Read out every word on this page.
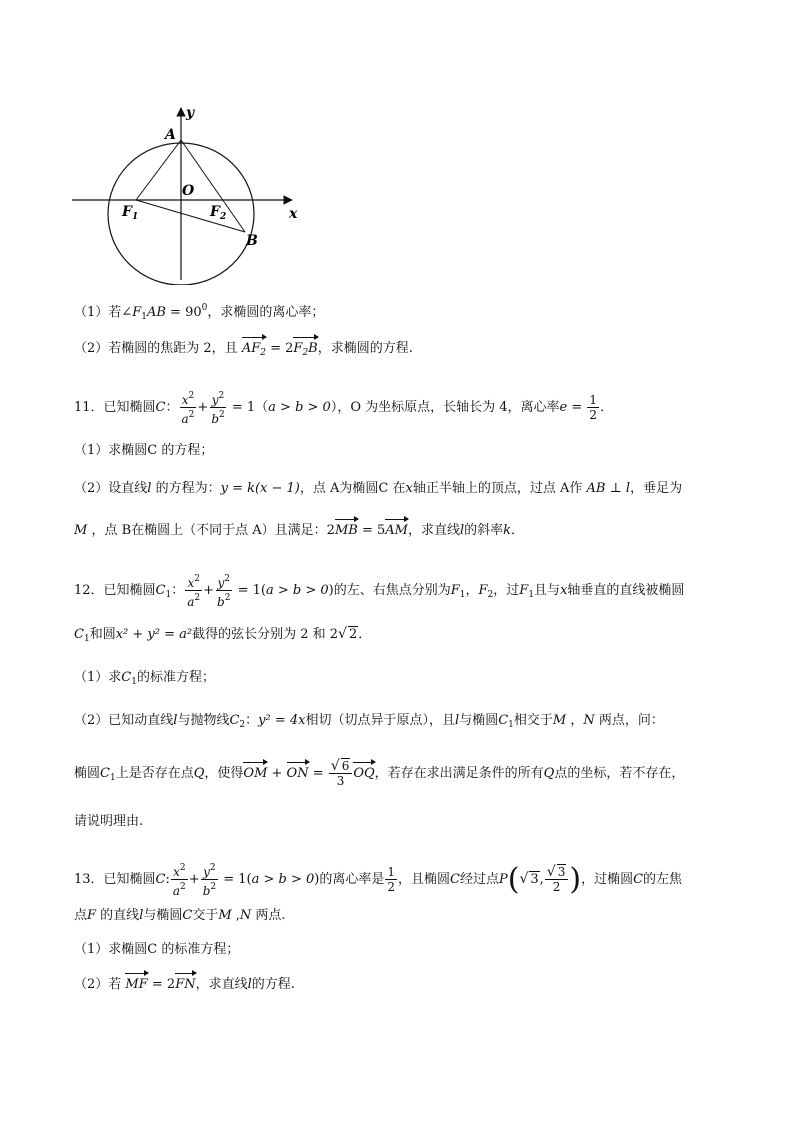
y
A
O
$F_1$	$F_2$	x
B
（1）若$\angle F_1AB = 90^0$，求椭圆的离心率；
（2）若椭圆的焦距为 2，且 $AF_2 = 2F_2B$，求椭圆的方程.
11．已知椭圆C： $\frac{x^2}{a^2} + \frac{y^2}{b^2} = 1(a > b > 0)$，O 为坐标原点，长轴长为 4，离心率$e = \frac{1}{2}$ ．
（1）求椭圆C 的方程；
（2）设直线l 的方程为：y = k(x − 1)，点 A为椭圆C 在x轴正半轴上的顶点，过点 A作 AB ⊥ l，垂足为
M ，点 B在椭圆上（不同于点 A）且满足：2MB = 5AM，求直线l的斜率k．
12．已知椭圆$C_1$： $\frac{x^2}{a^2} + \frac{y^2}{b^2} = 1(a > b > 0)$的左、右焦点分别为$F_1$，$F_2$，过$F_1$且与x轴垂直的直线被椭圆
$C_1$和圆x² + y² = a²截得的弦长分别为 2 和 2√ 2．
（1）求$C_1$的标准方程；
（2）已知动直线l与抛物线$C_2$：y² = 4x相切（切点异于原点），且l与椭圆$C_1$相交于M ，N 两点，问：
椭圆$C_1$上是否存在点Q，使得OM + ON = $\frac{√ 6}{3}$ OQ，若存在求出满足条件的所有Q点的坐标，若不存在，
请说明理由.
13．已知椭圆C: $\frac{x^2}{a^2} + \frac{y^2}{b^2} = 1(a > b > 0)$的离心率是 $\frac{1}{2}$ ，且椭圆C经过点P(√ 3, $\frac{√ 3}{2}$ )，过椭圆C的左焦
点F 的直线l与椭圆C交于M ,N 两点.
（1）求椭圆C 的标准方程；
（2）若 MF = 2FN，求直线l的方程.
